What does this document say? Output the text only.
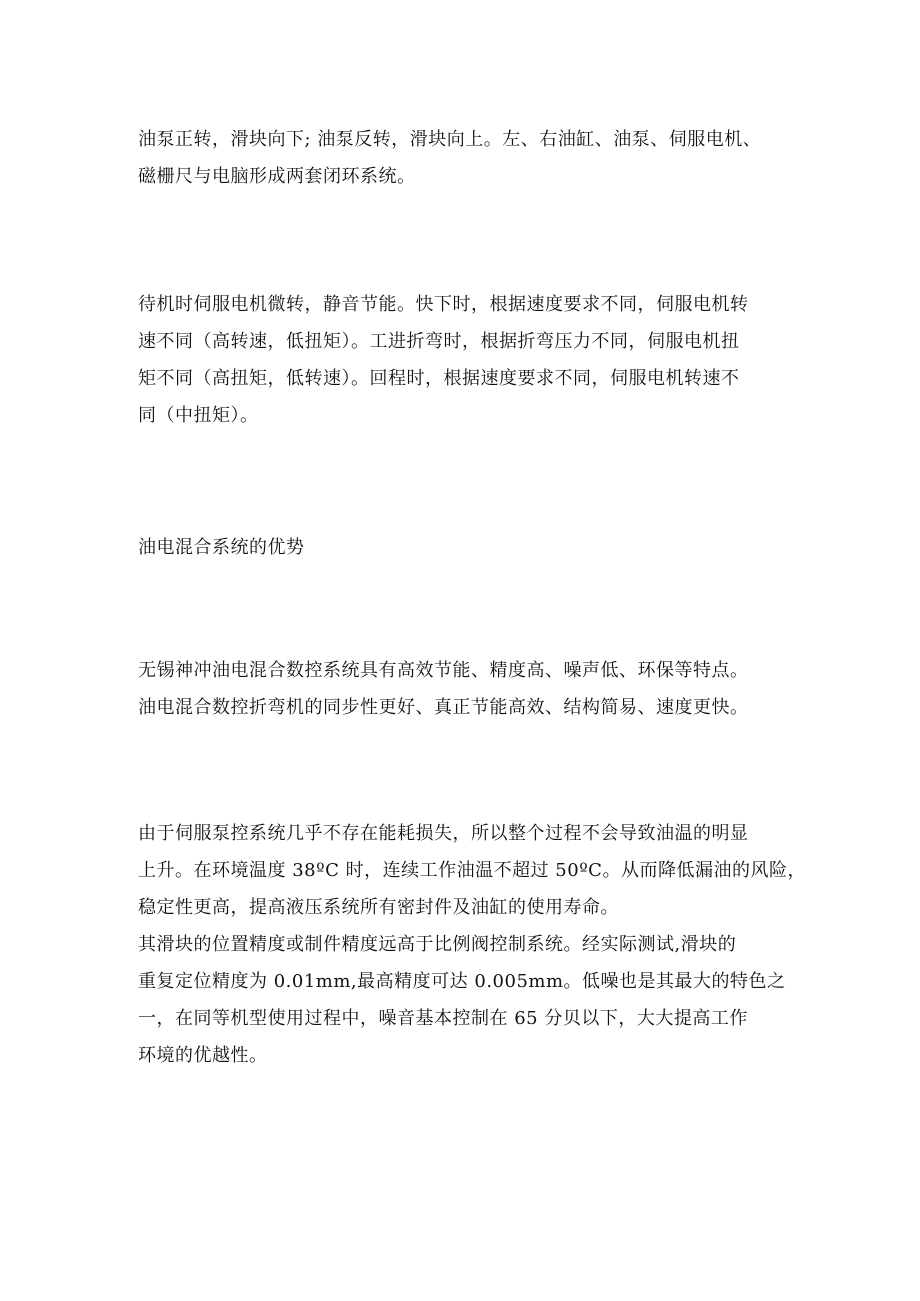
油泵正转，滑块向下; 油泵反转，滑块向上。左、右油缸、油泵、伺服电机、
磁栅尺与电脑形成两套闭环系统。

待机时伺服电机微转，静音节能。快下时，根据速度要求不同，伺服电机转
速不同（高转速，低扭矩）。工进折弯时，根据折弯压力不同，伺服电机扭
矩不同（高扭矩，低转速）。回程时，根据速度要求不同，伺服电机转速不
同（中扭矩）。

油电混合系统的优势

无锡神冲油电混合数控系统具有高效节能、精度高、噪声低、环保等特点。
油电混合数控折弯机的同步性更好、真正节能高效、结构简易、速度更快。

由于伺服泵控系统几乎不存在能耗损失，所以整个过程不会导致油温的明显
上升。在环境温度 38ºC 时，连续工作油温不超过 50ºC。从而降低漏油的风险，
稳定性更高，提高液压系统所有密封件及油缸的使用寿命。
其滑块的位置精度或制件精度远高于比例阀控制系统。经实际测试,滑块的
重复定位精度为 0.01mm,最高精度可达 0.005mm。低噪也是其最大的特色之
一，在同等机型使用过程中，噪音基本控制在 65 分贝以下，大大提高工作
环境的优越性。
